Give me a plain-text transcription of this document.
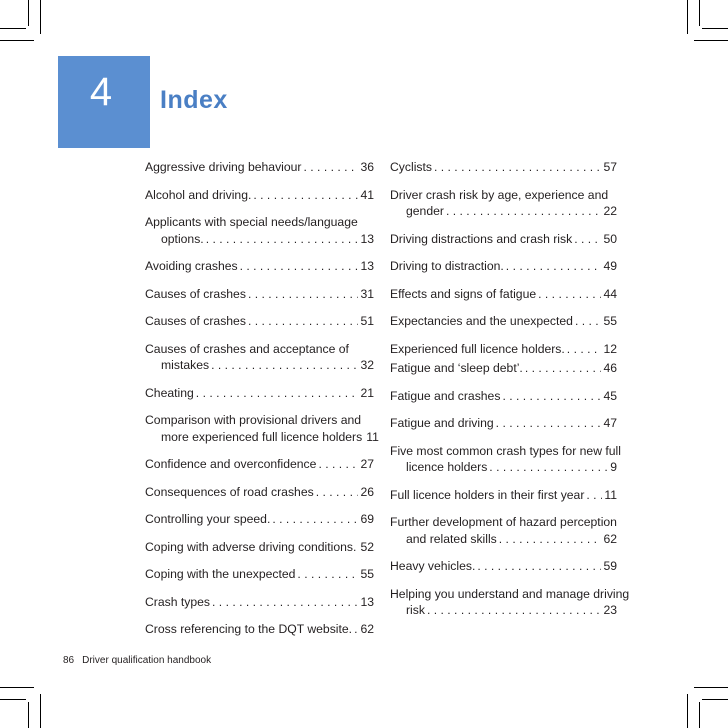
4	Index
Aggressive driving behaviour . . .	36
Alcohol and driving. . . .	41
Applicants with special needs/language
options. . . .	13
Avoiding crashes . . .	13
Causes of crashes . . .	31
Causes of crashes . . .	51
Causes of crashes and acceptance of
mistakes . . .	32
Cheating . . .	21
Comparison with provisional drivers and
more experienced full licence holders 11
Confidence and overconfidence . . .	27
Consequences of road crashes . . .	26
Controlling your speed. . . .	69
Coping with adverse driving conditions. . . . 52
Coping with the unexpected . . .	55
Crash types . . .	13
Cross referencing to the DQT website. . . . 62
Cyclists . . .	57
Driver crash risk by age, experience and
gender . . .	22
Driving distractions and crash risk . . .	50
Driving to distraction. . . .	49
Effects and signs of fatigue . . .	44
Expectancies and the unexpected . . . 55
Experienced full licence holders. . . .	12
Fatigue and ‘sleep debt’. . . .	46
Fatigue and crashes . . .	45
Fatigue and driving . . .	47
Five most common crash types for new full
licence holders . . .	9
Full licence holders in their first year . . . 11
Further development of hazard perception
and related skills . . .	62
Heavy vehicles. . . .	59
Helping you understand and manage driving
risk . . .	23
86 Driver qualification handbook
